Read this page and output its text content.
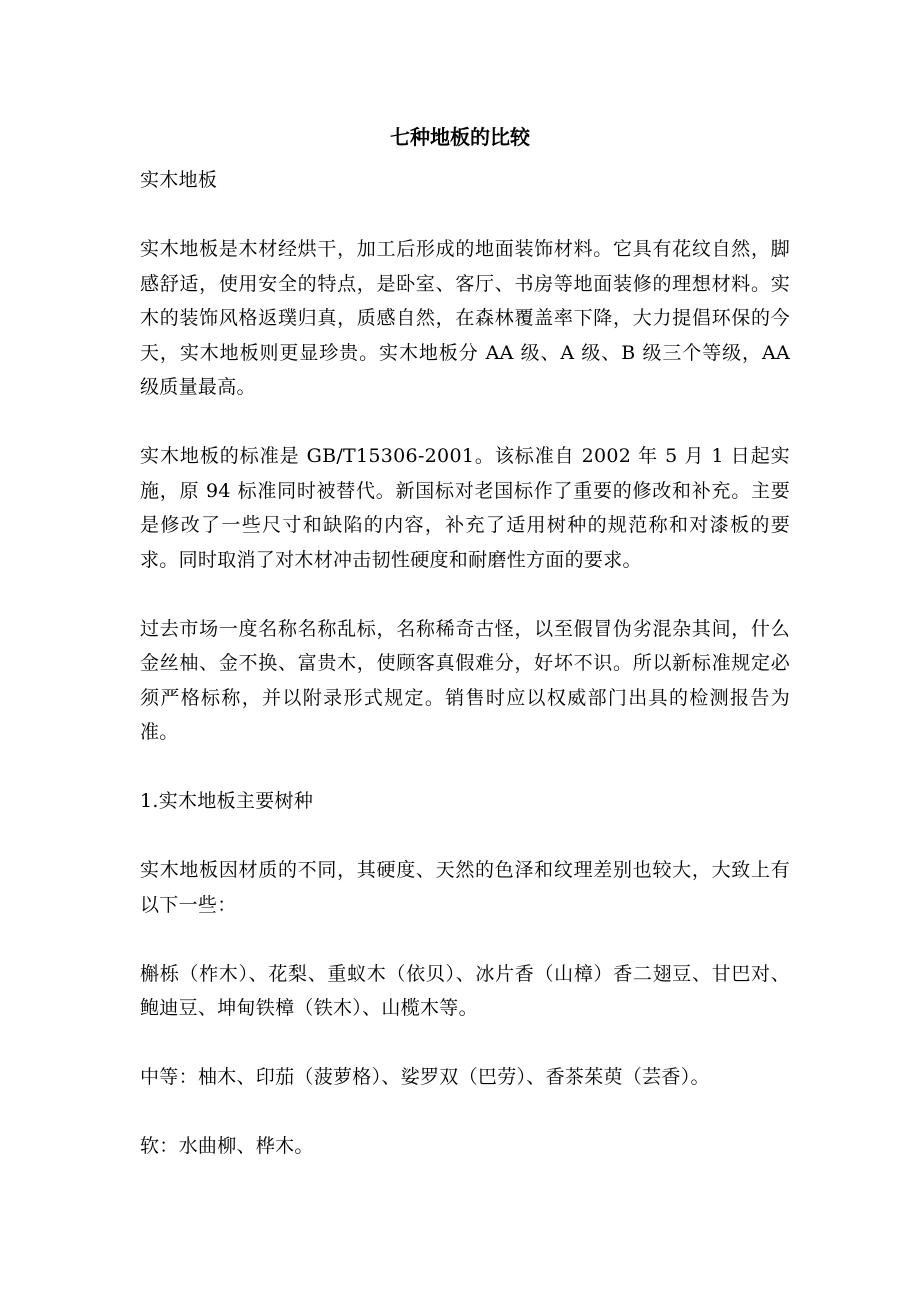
七种地板的比较

实木地板

实木地板是木材经烘干，加工后形成的地面装饰材料。它具有花纹自然，脚感舒适，使用安全的特点，是卧室、客厅、书房等地面装修的理想材料。实木的装饰风格返璞归真，质感自然，在森林覆盖率下降，大力提倡环保的今天，实木地板则更显珍贵。实木地板分 AA 级、A 级、B 级三个等级，AA 级质量最高。

实木地板的标准是 GB/T15306-2001。该标准自 2002 年 5 月 1 日起实施，原 94 标准同时被替代。新国标对老国标作了重要的修改和补充。主要是修改了一些尺寸和缺陷的内容，补充了适用树种的规范称和对漆板的要求。同时取消了对木材冲击韧性硬度和耐磨性方面的要求。

过去市场一度名称名称乱标，名称稀奇古怪，以至假冒伪劣混杂其间，什么金丝柚、金不换、富贵木，使顾客真假难分，好坏不识。所以新标准规定必须严格标称，并以附录形式规定。销售时应以权威部门出具的检测报告为准。

1.实木地板主要树种

实木地板因材质的不同，其硬度、天然的色泽和纹理差别也较大，大致上有以下一些：

槲栎（柞木）、花梨、重蚁木（依贝）、冰片香（山樟）香二翅豆、甘巴对、鲍迪豆、坤甸铁樟（铁木）、山榄木等。

中等：柚木、印茄（菠萝格）、娑罗双（巴劳）、香茶茱萸（芸香）。

软：水曲柳、桦木。
